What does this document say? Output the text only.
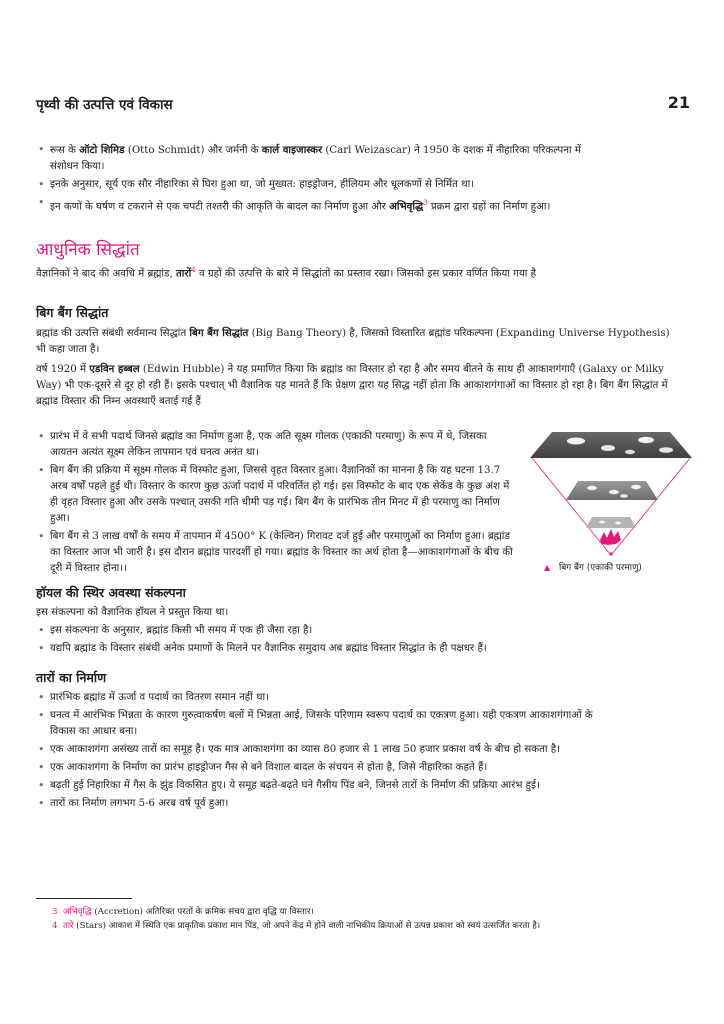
पृथ्वी की उत्पत्ति एवं विकास	21
• रूस के ऑटो शिमिड (Otto Schmidt) और जर्मनी के कार्ल वाइजास्कर (Carl Weizascar) ने 1950 के दशक में नीहारिका परिकल्पना में संशोधन किया।
• इनके अनुसार, सूर्य एक सौर नीहारिका से घिरा हुआ था, जो मुख्यत: हाइड्रोजन, हीलियम और धूलकणों से निर्मित था।
• इन कणों के घर्षण व टकराने से एक चपटी तश्तरी की आकृति के बादल का निर्माण हुआ और अभिवृद्धि$^3$ प्रक्रम द्वारा ग्रहों का निर्माण हुआ।
आधुनिक सिद्धांत
वैज्ञानिकों ने बाद की अवधि में ब्रह्मांड, तारों$^4$ व ग्रहों की उत्पत्ति के बारे में सिद्धांतों का प्रस्ताव रखा। जिसको इस प्रकार वर्णित किया गया है
बिग बैंग सिद्धांत
ब्रह्मांड की उत्पत्ति संबंधी सर्वमान्य सिद्धांत बिग बैंग सिद्धांत (Big Bang Theory) है, जिसको विस्तारित ब्रह्मांड परिकल्पना (Expanding Universe Hypothesis) भी कहा जाता है।
वर्ष 1920 में एडविन हब्बल (Edwin Hubble) ने यह प्रमाणित किया कि ब्रह्मांड का विस्तार हो रहा है और समय बीतने के साथ ही आकाशगंगाएँ (Galaxy or Milky Way) भी एक-दूसरे से दूर हो रही हैं। इसके पश्चात् भी वैज्ञानिक यह मानते हैं कि प्रेक्षण द्वारा यह सिद्ध नहीं होता कि आकाशगंगाओं का विस्तार हो रहा है। बिग बैंग सिद्धांत में ब्रह्मांड विस्तार की निम्न अवस्थाएँ बताई गई हैं
• प्रारंभ में वे सभी पदार्थ जिनसे ब्रह्मांड का निर्माण हुआ है, एक अति सूक्ष्म गोलक (एकाकी परमाणु) के रूप में थे, जिसका आयतन अत्यंत सूक्ष्म लेकिन तापमान एवं घनत्व अनंत था।
• बिग बैंग की प्रक्रिया में सूक्ष्म गोलक में विस्फोट हुआ, जिससे वृहत विस्तार हुआ। वैज्ञानिकों का मानना है कि यह घटना 13.7 अरब वर्षों पहले हुई थी। विस्तार के कारण कुछ ऊर्जा पदार्थ में परिवर्तित हो गई। इस विस्फोट के बाद एक सेकेंड के कुछ अंश में ही वृहत विस्तार हुआ और उसके पश्चात् उसकी गति धीमी पड़ गई। बिग बैंग के प्रारंभिक तीन मिनट में ही परमाणु का निर्माण हुआ।
• बिग बैंग से 3 लाख वर्षों के समय में तापमान में 4500° K (केल्विन) गिरावट दर्ज हुई और परमाणुओं का निर्माण हुआ। ब्रह्मांड का विस्तार आज भी जारी है। इस दौरान ब्रह्मांड पारदर्शी हो गया। ब्रह्मांड के विस्तार का अर्थ होता है—आकाशगंगाओं के बीच की दूरी में विस्तार होना।।	▲ बिग बैंग (एकाकी परमाणु)
हॉयल की स्थिर अवस्था संकल्पना
इस संकल्पना को वैज्ञानिक हॉयल ने प्रस्तुत किया था।
• इस संकल्पना के अनुसार, ब्रह्मांड किसी भी समय में एक ही जैसा रहा है।
• यद्यपि ब्रह्मांड के विस्तार संबंधी अनेक प्रमाणों के मिलने पर वैज्ञानिक समुदाय अब ब्रह्मांड विस्तार सिद्धांत के ही पक्षधर हैं।
तारों का निर्माण
• प्रारंभिक ब्रह्मांड में ऊर्जा व पदार्थ का वितरण समान नहीं था।
• घनत्व में आरंभिक भिन्नता के कारण गुरुत्वाकर्षण बलों में भिन्नता आई, जिसके परिणाम स्वरूप पदार्थ का एकत्रण हुआ। यही एकत्रण आकाशगंगाओं के विकास का आधार बना।
• एक आकाशगंगा असंख्य तारों का समूह है। एक मात्र आकाशगंगा का व्यास 80 हजार से 1 लाख 50 हजार प्रकाश वर्ष के बीच हो सकता है।
• एक आकाशगंगा के निर्माण का प्रारंभ हाइड्रोजन गैस से बने विशाल बादल के संचयन से होता है, जिसे नीहारिका कहते हैं।
• बढ़ती हुई निहारिका में गैस के झुंड विकसित हुए। ये समूह बढ़ते-बढ़ते घने गैसीय पिंड बने, जिनसे तारों के निर्माण की प्रक्रिया आरंभ हुई।
• तारों का निर्माण लगभग 5-6 अरब वर्ष पूर्व हुआ।
3 अभिवृद्धि (Accretion) अतिरिक्त परतों के क्रमिक संचय द्वारा वृद्धि या विस्तार।
4 तारे (Stars) आकाश में स्थिति एक प्राकृतिक प्रकाश मान पिंड, जो अपने केंद्र में होने वाली नाभिकीय क्रियाओं से उत्पन्न प्रकाश को स्वयं उत्सर्जित करता है।
